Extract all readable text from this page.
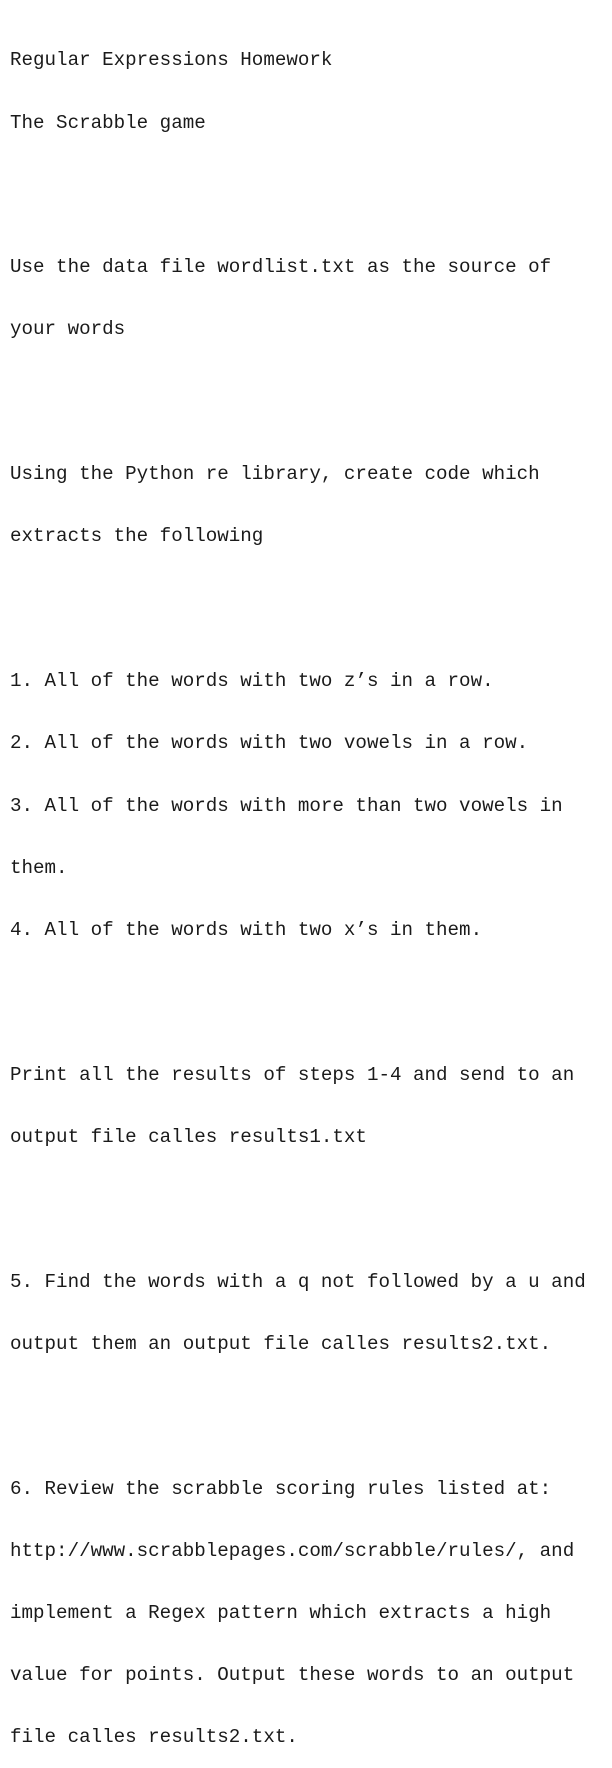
Regular Expressions Homework

The Scrabble game

Use the data file wordlist.txt as the source of

your words

Using the Python re library, create code which

extracts the following

1. All of the words with two z’s in a row.

2. All of the words with two vowels in a row.

3. All of the words with more than two vowels in

them.

4. All of the words with two x’s in them.

Print all the results of steps 1-4 and send to an

output file calles results1.txt

5. Find the words with a q not followed by a u and

output them an output file calles results2.txt.

6. Review the scrabble scoring rules listed at:

http://www.scrabblepages.com/scrabble/rules/, and

implement a Regex pattern which extracts a high

value for points. Output these words to an output

file calles results2.txt.
